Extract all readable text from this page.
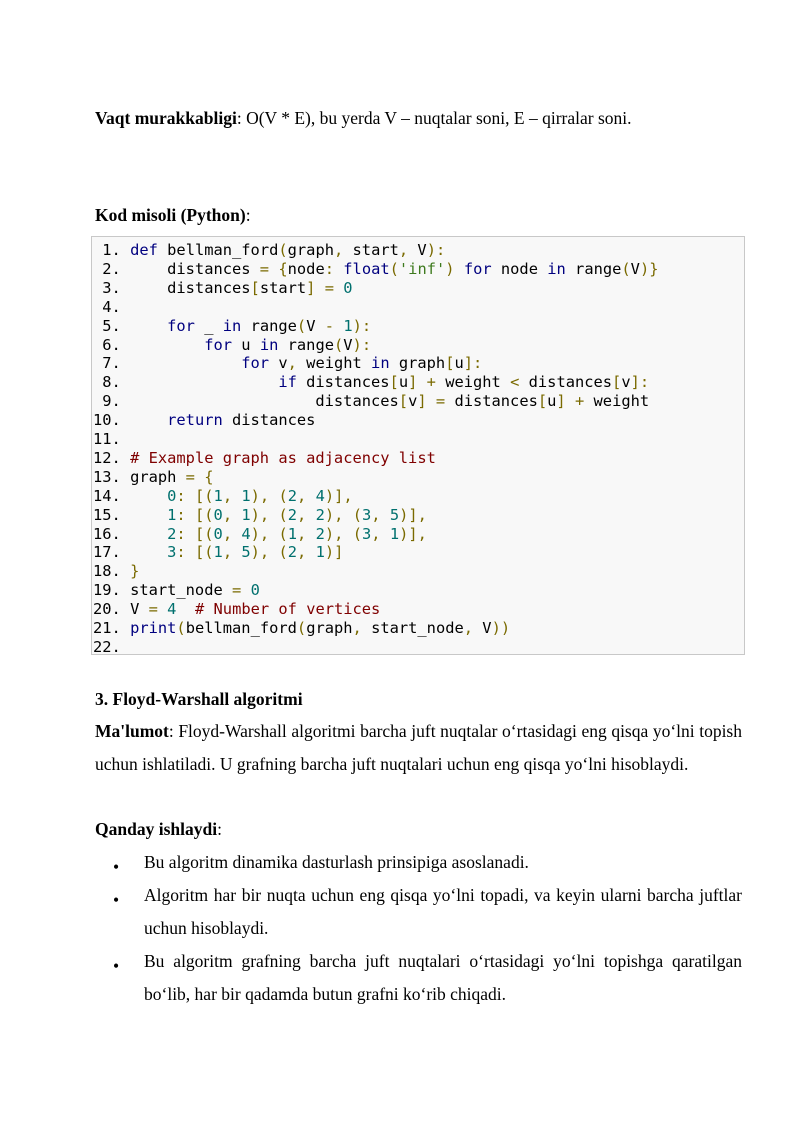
Vaqt murakkabligi: O(V * E), bu yerda V – nuqtalar soni, E – qirralar soni.
Kod misoli (Python):
1. def bellman_ford(graph, start, V):
2.     distances = {node: float('inf') for node in range(V)}
3.     distances[start] = 0
4.
5.     for _ in range(V - 1):
6.         for u in range(V):
7.             for v, weight in graph[u]:
8.                 if distances[u] + weight < distances[v]:
9.                     distances[v] = distances[u] + weight
10.     return distances
11.
12. # Example graph as adjacency list
13. graph = {
14.     0: [(1, 1), (2, 4)],
15.     1: [(0, 1), (2, 2), (3, 5)],
16.     2: [(0, 4), (1, 2), (3, 1)],
17.     3: [(1, 5), (2, 1)]
18. }
19. start_node = 0
20. V = 4 # Number of vertices
21. print(bellman_ford(graph, start_node, V))
22.
3. Floyd-Warshall algoritmi
Ma'lumot: Floyd-Warshall algoritmi barcha juft nuqtalar o‘rtasidagi eng qisqa yo‘lni topish uchun ishlatiladi. U grafning barcha juft nuqtalari uchun eng qisqa yo‘lni hisoblaydi.
Qanday ishlaydi:
• Bu algoritm dinamika dasturlash prinsipiga asoslanadi.
• Algoritm har bir nuqta uchun eng qisqa yo‘lni topadi, va keyin ularni barcha juftlar uchun hisoblaydi.
• Bu algoritm grafning barcha juft nuqtalari o‘rtasidagi yo‘lni topishga qaratilgan bo‘lib, har bir qadamda butun grafni ko‘rib chiqadi.
